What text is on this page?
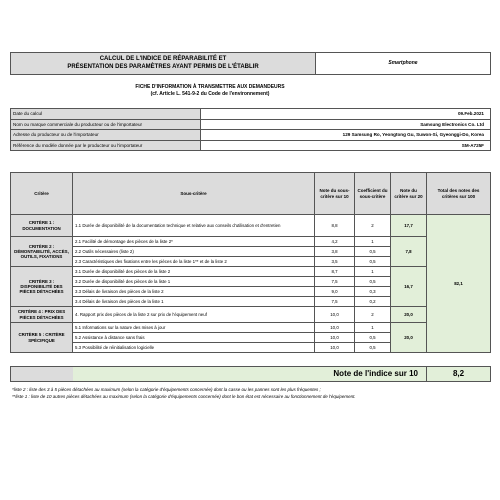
CALCUL DE L'INDICE DE RÉPARABILITÉ ET
PRÉSENTATION DES PARAMÈTRES AYANT PERMIS DE L'ÉTABLIR

Smartphone
FICHE D'INFORMATION À TRANSMETTRE AUX DEMANDEURS
(cf. Article L. 541-9-2 du Code de l'environnement)
Date du calcul	09.Feb.2021
Nom ou marque commerciale du producteur ou de l'importateur	Samsung Electronics Co. Ltd
Adresse du producteur ou de l'importateur	129 Samsung Ro, Yeongtong Gu, Suwon-Si, Gyeonggi-Do, Korea
Référence du modèle donnée par le producteur ou l'importateur	SM-A725F
Critère	Sous-critère	Note du sous-critère sur 10	Coefficient du sous-critère	Note du critère sur 20	Total des notes des critères sur 100
CRITÈRE 1 : DOCUMENTATION	1.1 Durée de disponibilité de la documentation technique et relative aux conseils d'utilisation et d'entretien	8,8	2	17,7	82,1
CRITÈRE 2 : DÉMONTABILITÉ, ACCÈS, OUTILS, FIXATIONS	2.1 Facilité de démontage des pièces de la liste 2*	4,2	1	7,8	
	2.2 Outils nécessaires (liste 2)	3,8	0,5		
	2.3 Caractéristiques des fixations entre les pièces de la liste 1** et de la liste 2	3,5	0,5		
CRITÈRE 3 : DISPONIBILITÉ DES PIÈCES DÉTACHÉES	3.1 Durée de disponibilité des pièces de la liste 2	8,7	1	16,7	
	3.2 Durée de disponibilité des pièces de la liste 1	7,5	0,5		
	3.3 Délais de livraison des pièces de la liste 2	9,0	0,3		
	3.4 Délais de livraison des pièces de la liste 1	7,5	0,2		
CRITÈRE 4 : PRIX DES PIÈCES DÉTACHÉES	4. Rapport prix des pièces de la liste 2 sur prix de l'équipement neuf	10,0	2	20,0	
CRITÈRE 5 : CRITÈRE SPÉCIFIQUE	5.1 Informations sur la nature des mises à jour	10,0	1	20,0	
	5.2 Assistance à distance sans frais	10,0	0,5		
	5.3 Possibilité de réinitialisation logicielle	10,0	0,5		
	Note de l'indice sur 10	8,2
*liste 2 : liste des 3 à 5 pièces détachées au maximum (selon la catégorie d'équipements concernée) dont la casse ou les pannes sont les plus fréquentes ;
**liste 1 : liste de 10 autres pièces détachées au maximum (selon la catégorie d'équipements concernée) dont le bon état est nécessaire au fonctionnement de l'équipement.
